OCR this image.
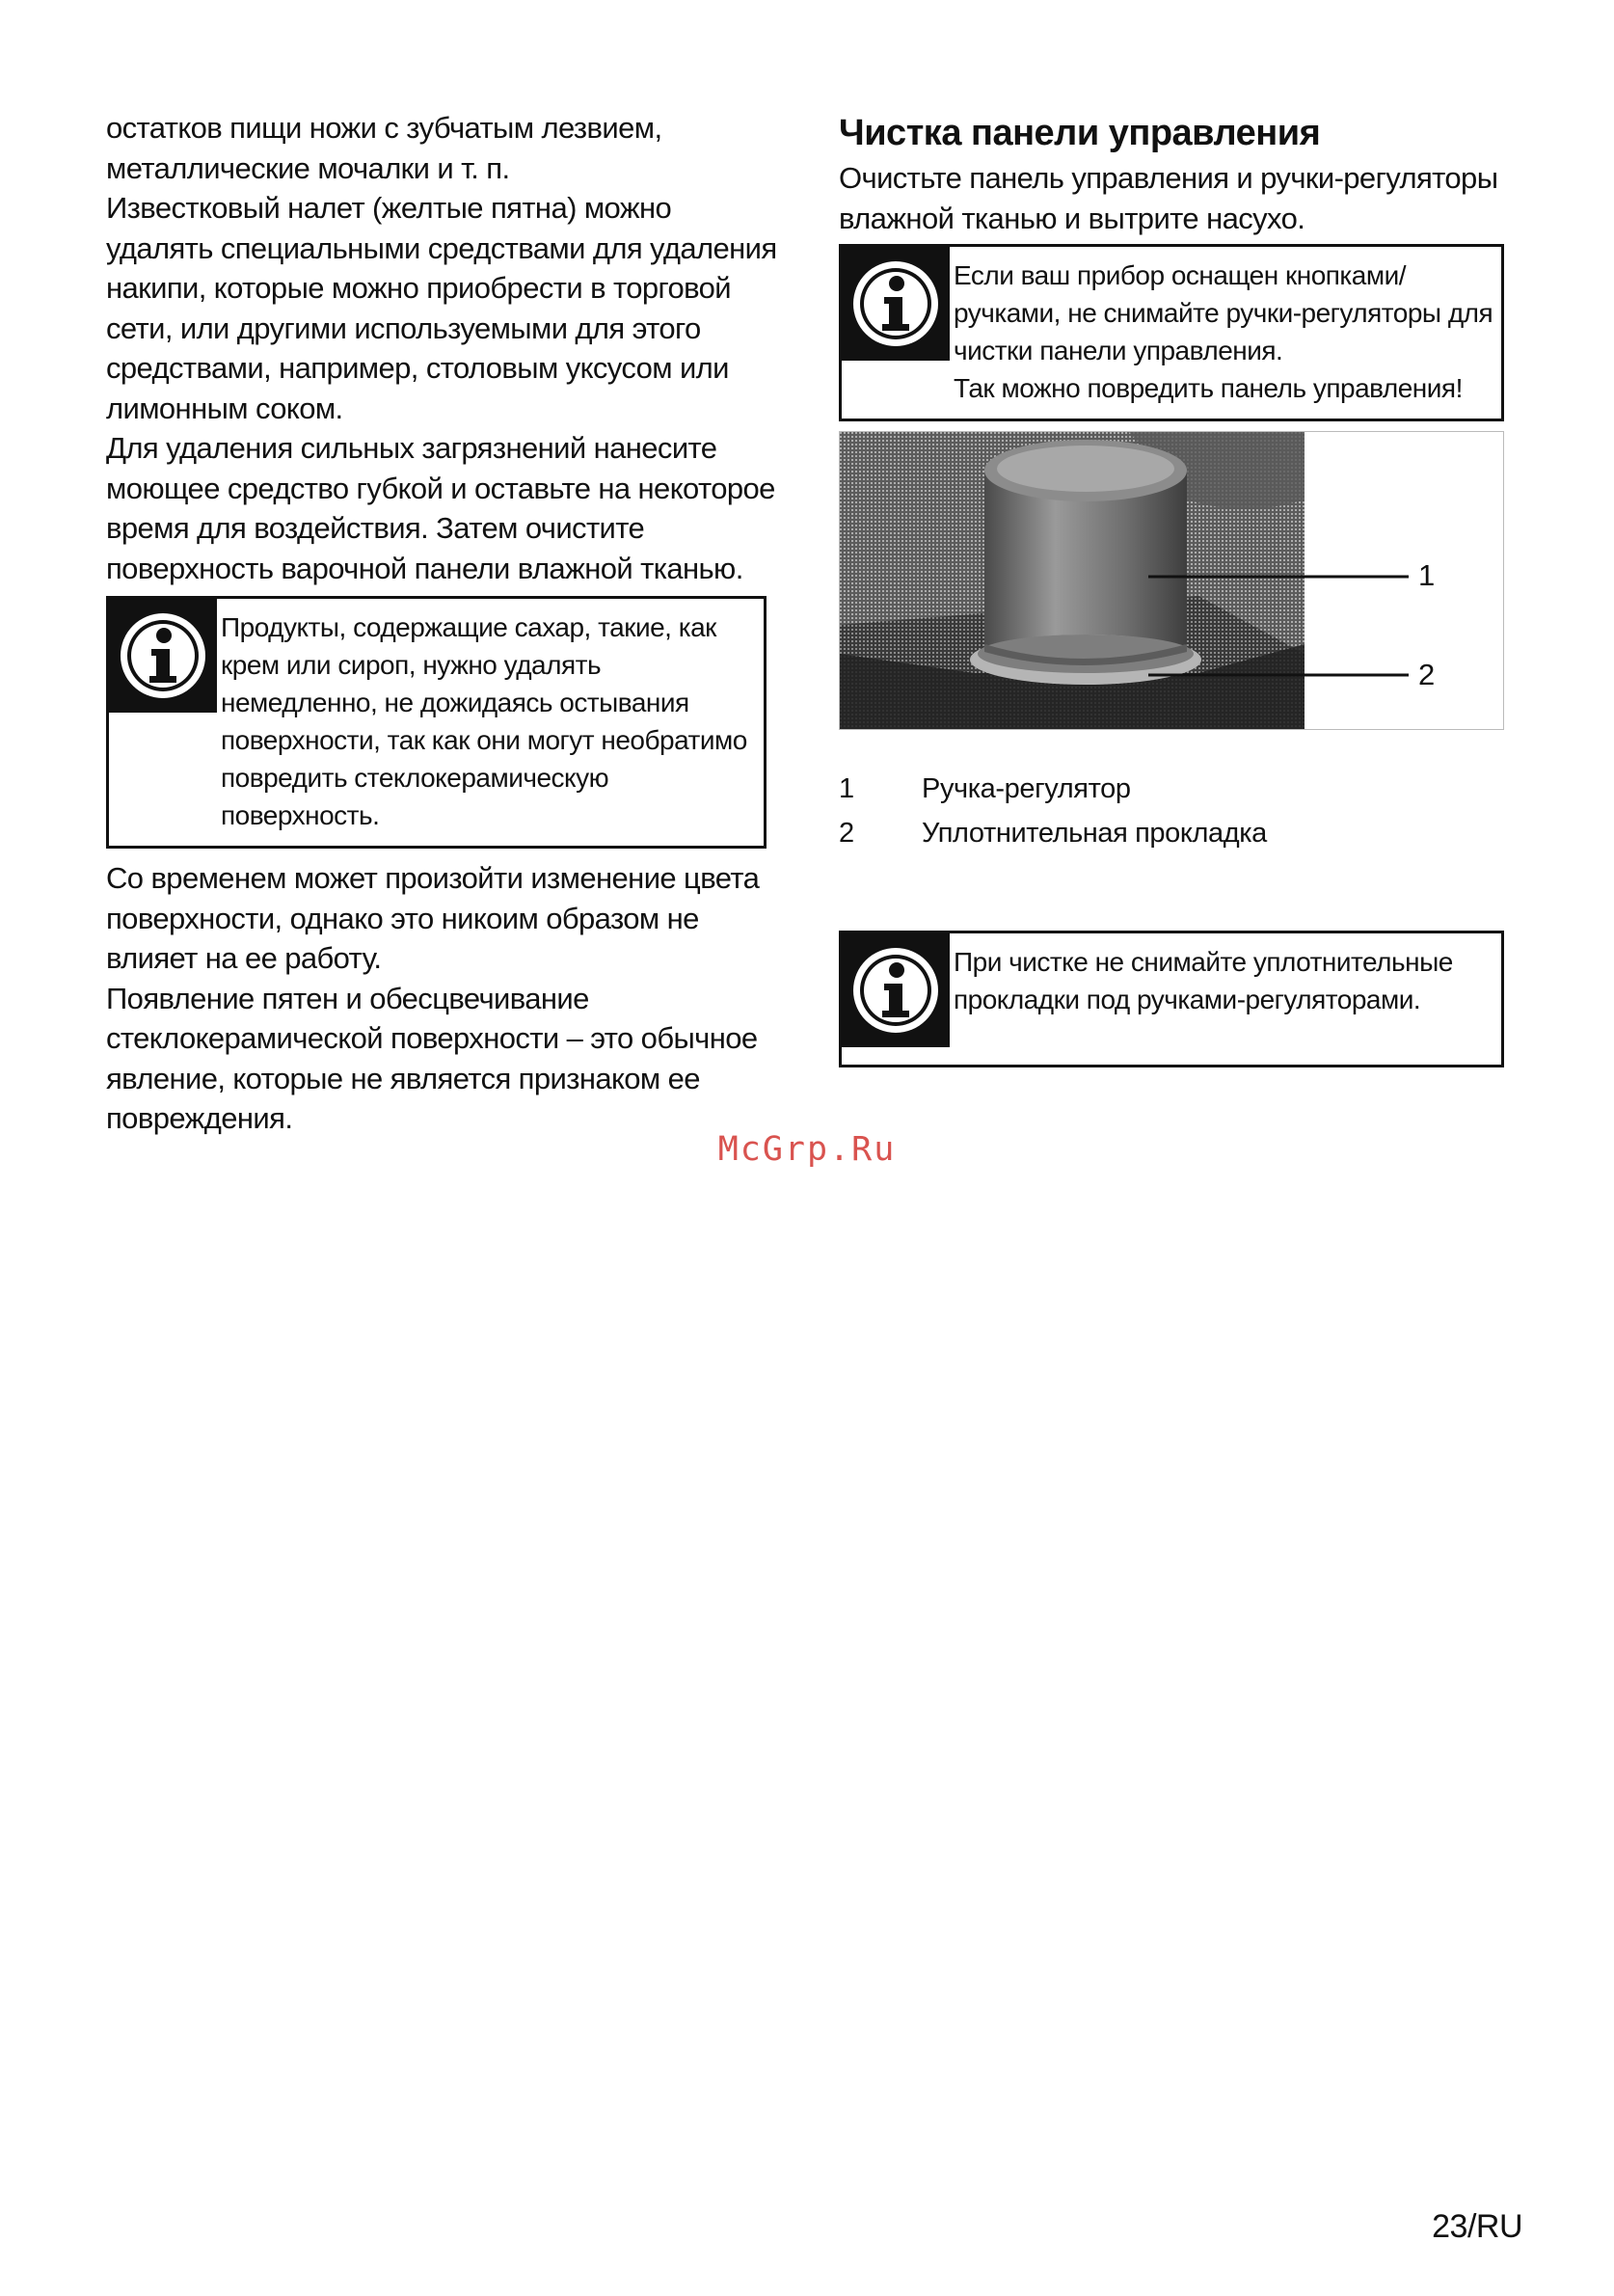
остатков пищи ножи с зубчатым лезвием, металлические мочалки и т. п.

Известковый налет (желтые пятна) можно удалять специальными средствами для удаления накипи, которые можно приобрести в торговой сети, или другими используемыми для этого средствами, например, столовым уксусом или лимонным соком.

Для удаления сильных загрязнений нанесите моющее средство губкой и оставьте на некоторое время для воздействия. Затем очистите поверхность варочной панели влажной тканью.

Продукты, содержащие сахар, такие, как крем или сироп, нужно удалять немедленно, не дожидаясь остывания поверхности, так как они могут необратимо повредить стеклокерамическую поверхность.

Со временем может произойти изменение цвета поверхности, однако это никоим образом не влияет на ее работу.

Появление пятен и обесцвечивание стеклокерамической поверхности – это обычное явление, которые не является признаком ее повреждения.

Чистка панели управления

Очистьте панель управления и ручки-регуляторы влажной тканью и вытрите насухо.

Если ваш прибор оснащен кнопками/ручками, не снимайте ручки-регуляторы для чистки панели управления.
Так можно повредить панель управления!

1
2
1	Ручка-регулятор
2	Уплотнительная прокладка

При чистке не снимайте уплотнительные прокладки под ручками-регуляторами.

McGrp.Ru
23/RU
